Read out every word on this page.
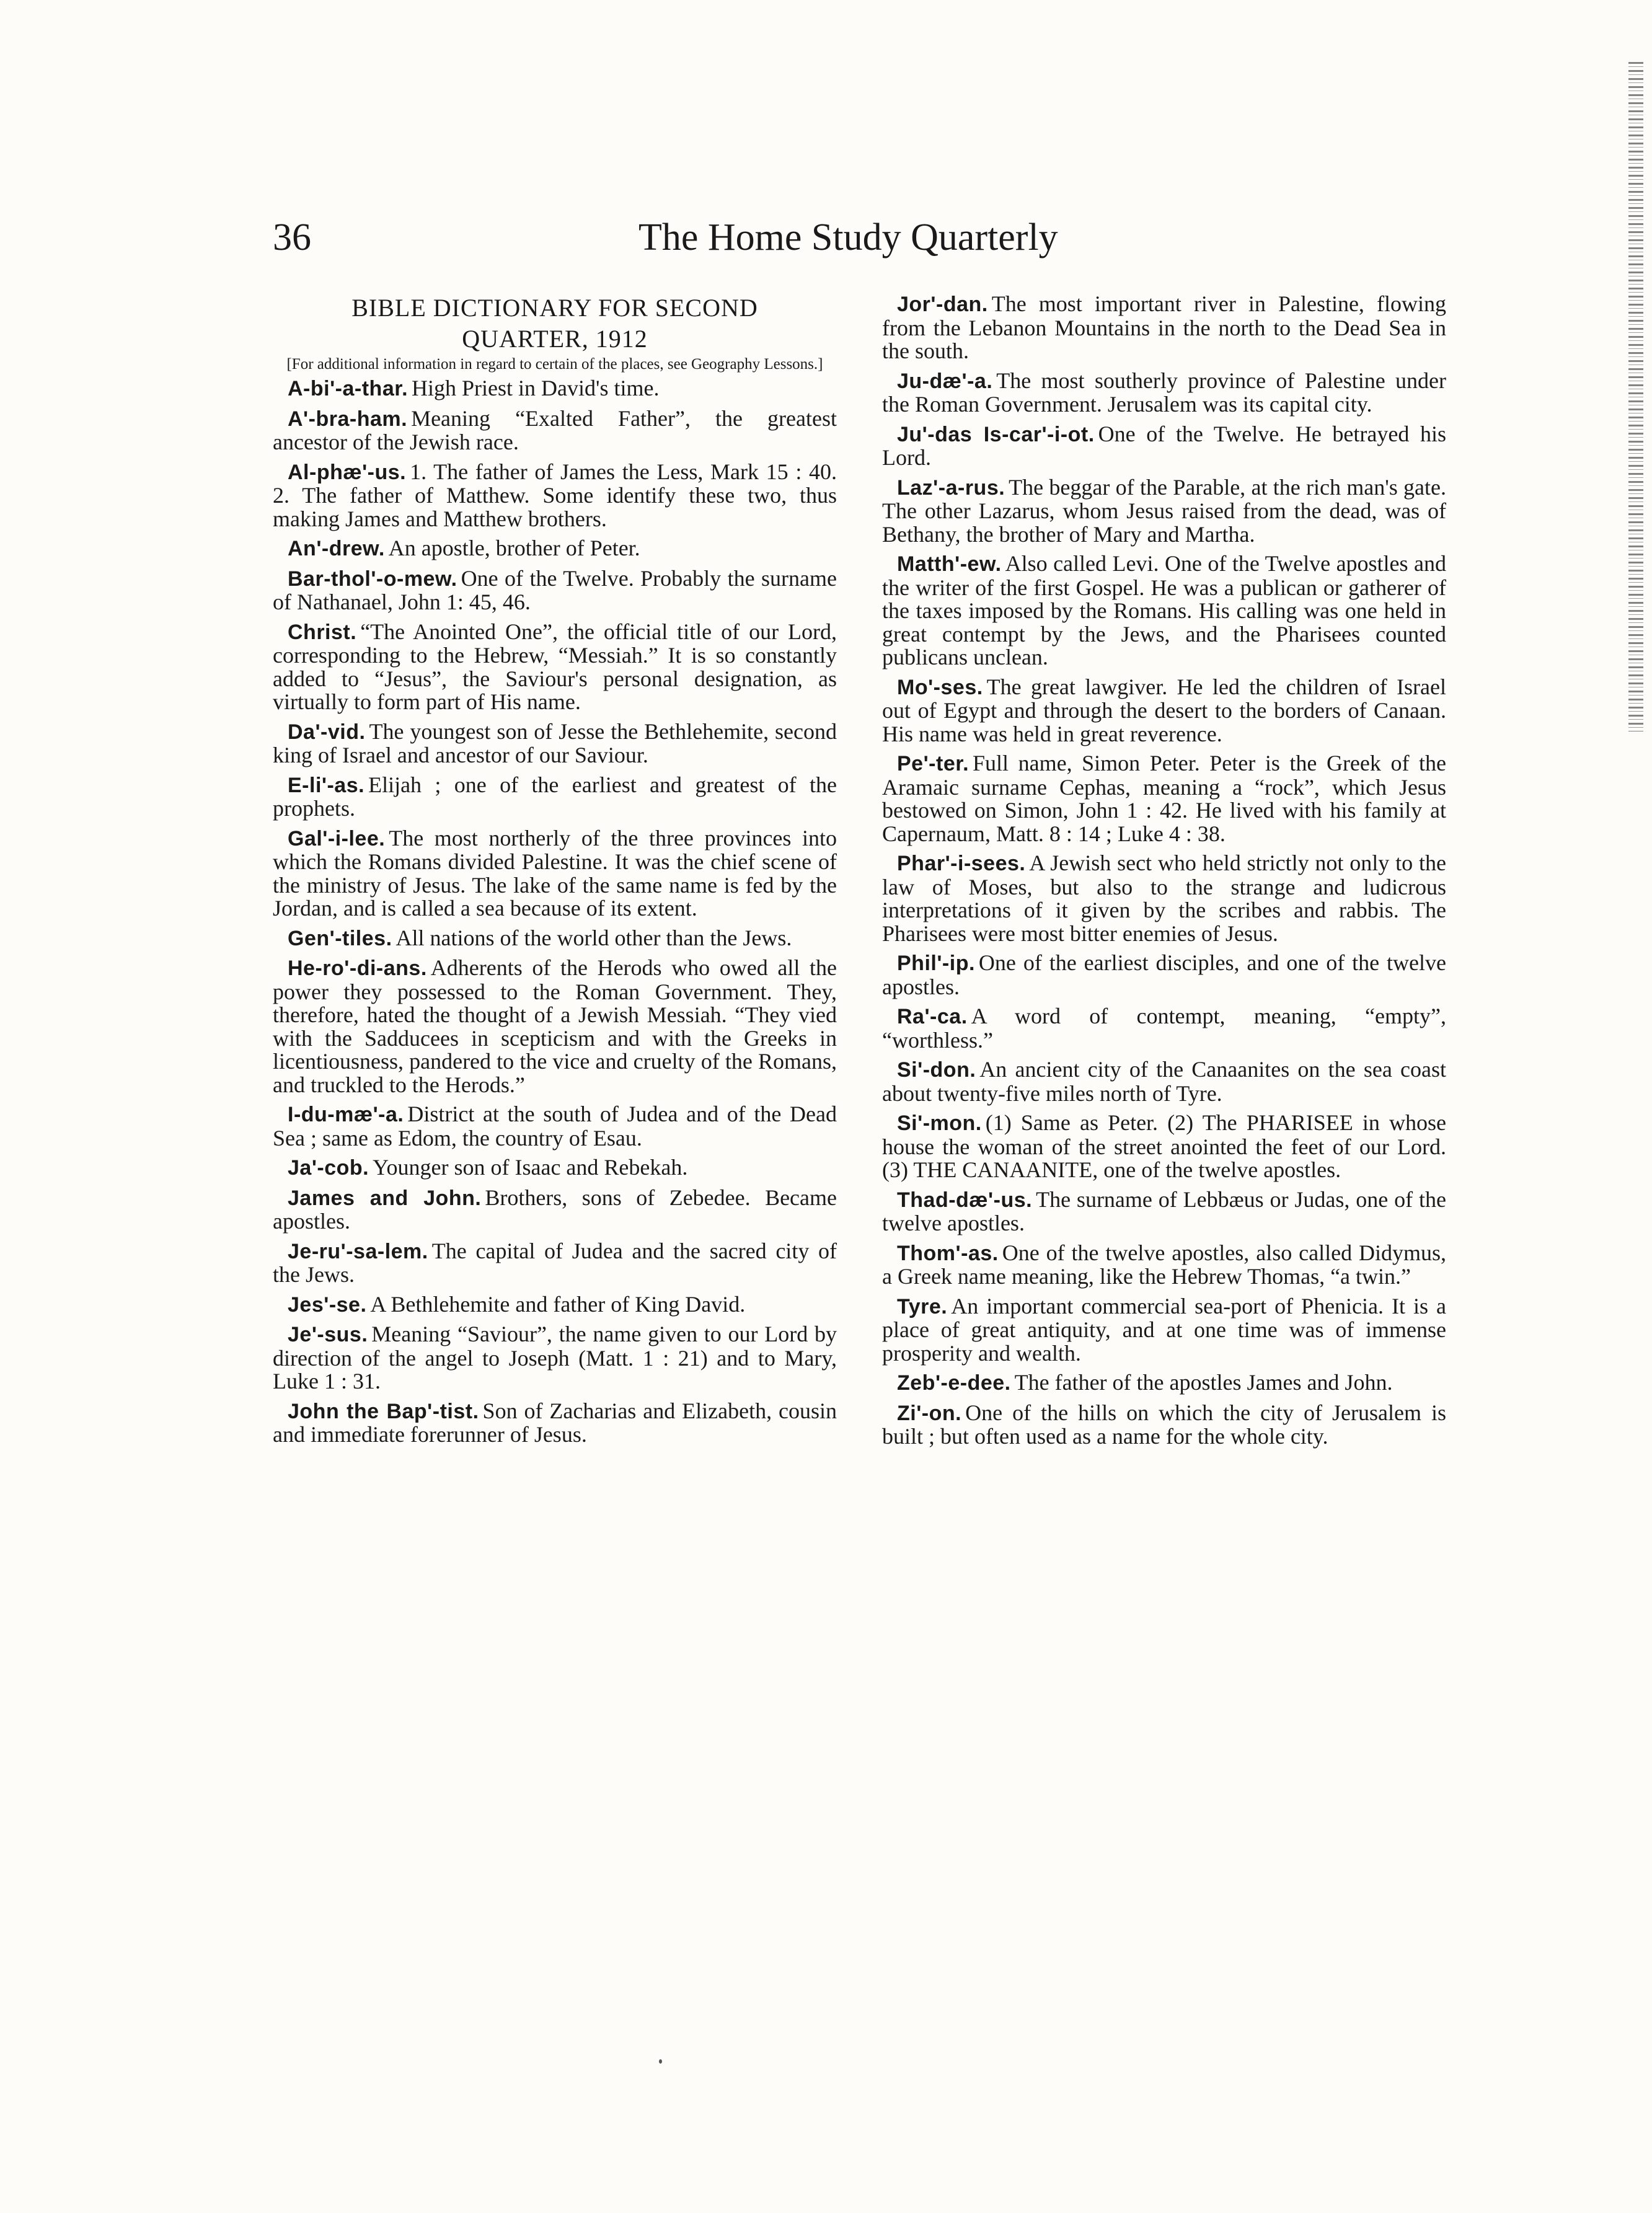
36	The Home Study Quarterly
BIBLE DICTIONARY FOR SECOND
QUARTER, 1912
[For additional information in regard to certain of the places, see Geography Lessons.]

A-bi'-a-thar. High Priest in David's time.

A'-bra-ham. Meaning “Exalted Father”, the greatest ancestor of the Jewish race.

Al-phæ'-us. 1. The father of James the Less, Mark 15 : 40. 2. The father of Matthew. Some identify these two, thus making James and Matthew brothers.

An'-drew. An apostle, brother of Peter.

Bar-thol'-o-mew. One of the Twelve. Probably the surname of Nathanael, John 1: 45, 46.

Christ. “The Anointed One”, the official title of our Lord, corresponding to the Hebrew, “Messiah.” It is so constantly added to “Jesus”, the Saviour's personal designation, as virtually to form part of His name.

Da'-vid. The youngest son of Jesse the Bethlehemite, second king of Israel and ancestor of our Saviour.

E-li'-as. Elijah ; one of the earliest and greatest of the prophets.

Gal'-i-lee. The most northerly of the three provinces into which the Romans divided Palestine. It was the chief scene of the ministry of Jesus. The lake of the same name is fed by the Jordan, and is called a sea because of its extent.

Gen'-tiles. All nations of the world other than the Jews.

He-ro'-di-ans. Adherents of the Herods who owed all the power they possessed to the Roman Government. They, therefore, hated the thought of a Jewish Messiah. “They vied with the Sadducees in scepticism and with the Greeks in licentiousness, pandered to the vice and cruelty of the Romans, and truckled to the Herods.”

I-du-mæ'-a. District at the south of Judea and of the Dead Sea ; same as Edom, the country of Esau.

Ja'-cob. Younger son of Isaac and Rebekah.

James and John. Brothers, sons of Zebedee. Became apostles.

Je-ru'-sa-lem. The capital of Judea and the sacred city of the Jews.

Jes'-se. A Bethlehemite and father of King David.

Je'-sus. Meaning “Saviour”, the name given to our Lord by direction of the angel to Joseph (Matt. 1 : 21) and to Mary, Luke 1 : 31.

John the Bap'-tist. Son of Zacharias and Elizabeth, cousin and immediate forerunner of Jesus.

Jor'-dan. The most important river in Palestine, flowing from the Lebanon Mountains in the north to the Dead Sea in the south.

Ju-dæ'-a. The most southerly province of Palestine under the Roman Government. Jerusalem was its capital city.

Ju'-das Is-car'-i-ot. One of the Twelve. He betrayed his Lord.

Laz'-a-rus. The beggar of the Parable, at the rich man's gate. The other Lazarus, whom Jesus raised from the dead, was of Bethany, the brother of Mary and Martha.

Matth'-ew. Also called Levi. One of the Twelve apostles and the writer of the first Gospel. He was a publican or gatherer of the taxes imposed by the Romans. His calling was one held in great contempt by the Jews, and the Pharisees counted publicans unclean.

Mo'-ses. The great lawgiver. He led the children of Israel out of Egypt and through the desert to the borders of Canaan. His name was held in great reverence.

Pe'-ter. Full name, Simon Peter. Peter is the Greek of the Aramaic surname Cephas, meaning a “rock”, which Jesus bestowed on Simon, John 1 : 42. He lived with his family at Capernaum, Matt. 8 : 14 ; Luke 4 : 38.

Phar'-i-sees. A Jewish sect who held strictly not only to the law of Moses, but also to the strange and ludicrous interpretations of it given by the scribes and rabbis. The Pharisees were most bitter enemies of Jesus.

Phil'-ip. One of the earliest disciples, and one of the twelve apostles.

Ra'-ca. A word of contempt, meaning, “empty”, “worthless.”

Si'-don. An ancient city of the Canaanites on the sea coast about twenty-five miles north of Tyre.

Si'-mon. (1) Same as Peter. (2) The PHARISEE in whose house the woman of the street anointed the feet of our Lord. (3) THE CANAANITE, one of the twelve apostles.

Thad-dæ'-us. The surname of Lebbæus or Judas, one of the twelve apostles.

Thom'-as. One of the twelve apostles, also called Didymus, a Greek name meaning, like the Hebrew Thomas, “a twin.”

Tyre. An important commercial sea-port of Phenicia. It is a place of great antiquity, and at one time was of immense prosperity and wealth.

Zeb'-e-dee. The father of the apostles James and John.

Zi'-on. One of the hills on which the city of Jerusalem is built ; but often used as a name for the whole city.
